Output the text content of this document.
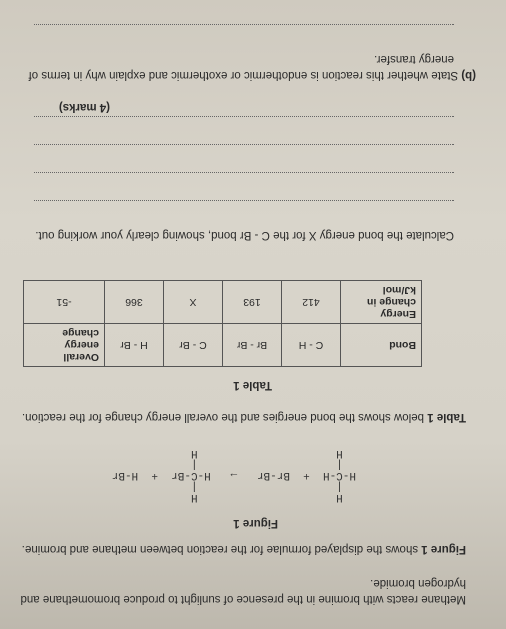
Methane reacts with bromine in the presence of sunlight to produce bromomethane and
hydrogen bromide.
Figure 1 shows the displayed formulae for the reaction between methane and bromine.
Figure 1
H                     H
|                     |
H-C-H  +  Br-Br   →   H-C-Br  +  H-Br
|                     |
H                     H
Table 1 below shows the bond energies and the overall energy change for the reaction.
Table 1
Bond	C - H	Br - Br	C - Br	H - Br	Overall energy change
Energy change in kJ/mol	412	193	X	366	-51
Calculate the bond energy X for the C - Br bond, showing clearly your working out.
(4 marks)
(b) State whether this reaction is endothermic or exothermic and explain why in terms of
energy transfer.
